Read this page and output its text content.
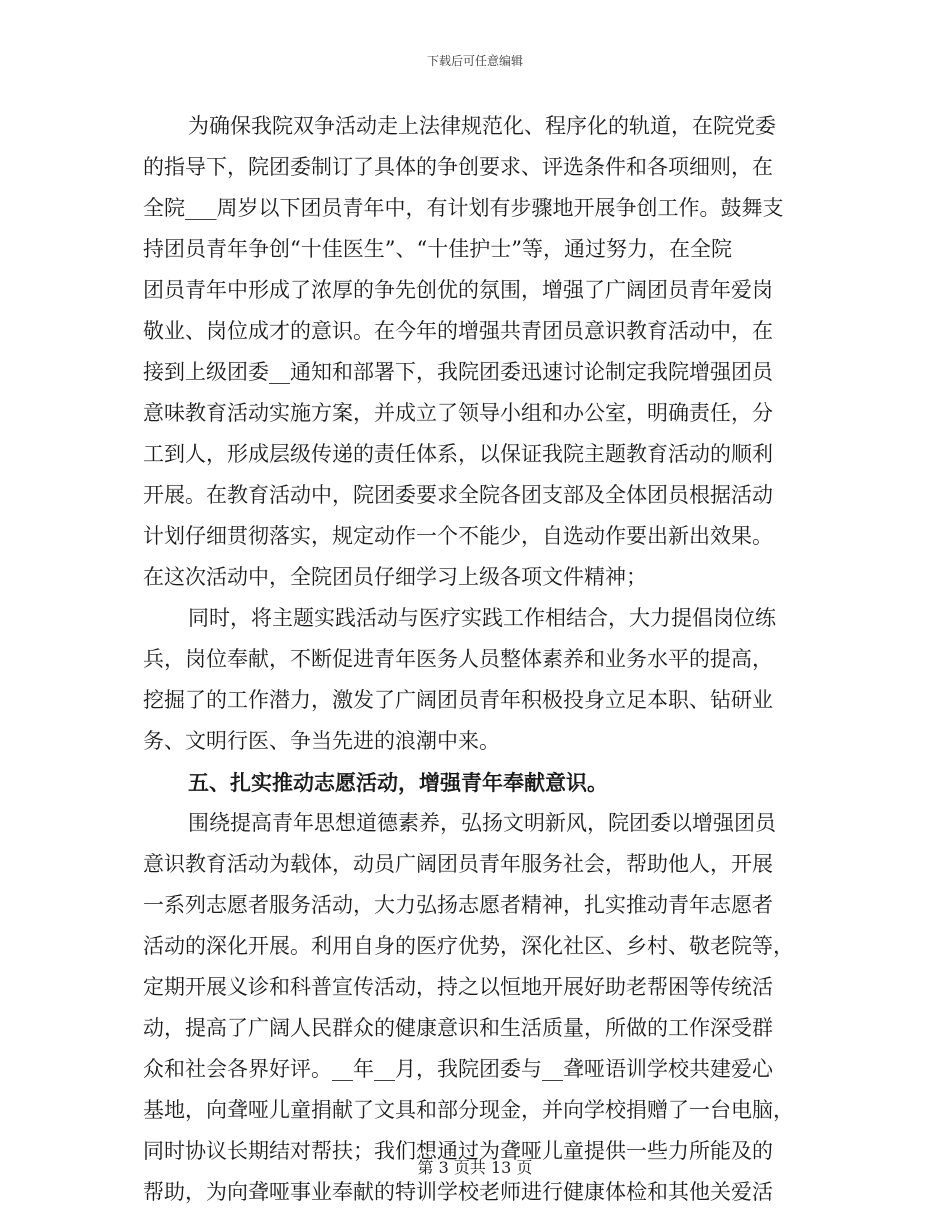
下载后可任意编辑
为确保我院双争活动走上法律规范化、程序化的轨道，在院党委
的指导下，院团委制订了具体的争创要求、评选条件和各项细则，在
全院___周岁以下团员青年中，有计划有步骤地开展争创工作。鼓舞支
持团员青年争创“十佳医生”、“十佳护士”等，通过努力，在全院
团员青年中形成了浓厚的争先创优的氛围，增强了广阔团员青年爱岗
敬业、岗位成才的意识。在今年的增强共青团员意识教育活动中，在
接到上级团委__通知和部署下，我院团委迅速讨论制定我院增强团员
意味教育活动实施方案，并成立了领导小组和办公室，明确责任，分
工到人，形成层级传递的责任体系，以保证我院主题教育活动的顺利
开展。在教育活动中，院团委要求全院各团支部及全体团员根据活动
计划仔细贯彻落实，规定动作一个不能少，自选动作要出新出效果。
在这次活动中，全院团员仔细学习上级各项文件精神；
同时，将主题实践活动与医疗实践工作相结合，大力提倡岗位练
兵，岗位奉献，不断促进青年医务人员整体素养和业务水平的提高，
挖掘了的工作潜力，激发了广阔团员青年积极投身立足本职、钻研业
务、文明行医、争当先进的浪潮中来。
五、扎实推动志愿活动，增强青年奉献意识。
围绕提高青年思想道德素养，弘扬文明新风，院团委以增强团员
意识教育活动为载体，动员广阔团员青年服务社会，帮助他人，开展
一系列志愿者服务活动，大力弘扬志愿者精神，扎实推动青年志愿者
活动的深化开展。利用自身的医疗优势，深化社区、乡村、敬老院等，
定期开展义诊和科普宣传活动，持之以恒地开展好助老帮困等传统活
动，提高了广阔人民群众的健康意识和生活质量，所做的工作深受群
众和社会各界好评。__年__月，我院团委与__聋哑语训学校共建爱心
基地，向聋哑儿童捐献了文具和部分现金，并向学校捐赠了一台电脑，
同时协议长期结对帮扶；我们想通过为聋哑儿童提供一些力所能及的
帮助，为向聋哑事业奉献的特训学校老师进行健康体检和其他关爱活
第 3 页共 13 页
